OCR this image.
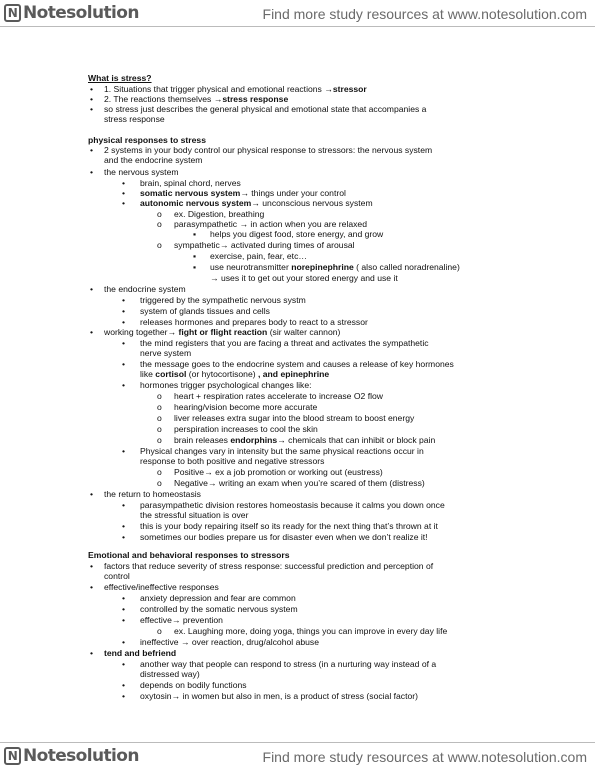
N Notesolution	Find more study resources at www.notesolution.com
What is stress?
• 1. Situations that trigger physical and emotional reactions →stressor
• 2. The reactions themselves →stress response
• so stress just describes the general physical and emotional state that accompanies a
stress response
physical responses to stress
• 2 systems in your body control our physical response to stressors: the nervous system
and the endocrine system
• the nervous system
• brain, spinal chord, nerves
• somatic nervous system→ things under your control
• autonomic nervous system→ unconscious nervous system
o ex. Digestion, breathing
o parasympathetic → in action when you are relaxed
▪ helps you digest food, store energy, and grow
o sympathetic→ activated during times of arousal
▪ exercise, pain, fear, etc…
▪ use neurotransmitter norepinephrine ( also called noradrenaline)
→ uses it to get out your stored energy and use it
• the endocrine system
• triggered by the sympathetic nervous systm
• system of glands tissues and cells
• releases hormones and prepares body to react to a stressor
• working together→ fight or flight reaction (sir walter cannon)
• the mind registers that you are facing a threat and activates the sympathetic
nerve system
• the message goes to the endocrine system and causes a release of key hormones
like cortisol (or hytocortisone) , and epinephrine
• hormones trigger psychological changes like:
o heart + respiration rates accelerate to increase O2 flow
o hearing/vision become more accurate
o liver releases extra sugar into the blood stream to boost energy
o perspiration increases to cool the skin
o brain releases endorphins→ chemicals that can inhibit or block pain
• Physical changes vary in intensity but the same physical reactions occur in
response to both positive and negative stressors
o Positive→ ex a job promotion or working out (eustress)
o Negative→ writing an exam when you’re scared of them (distress)
• the return to homeostasis
• parasympathetic division restores homeostasis because it calms you down once
the stressful situation is over
• this is your body repairing itself so its ready for the next thing that’s thrown at it
• sometimes our bodies prepare us for disaster even when we don’t realize it!
Emotional and behavioral responses to stressors
• factors that reduce severity of stress response: successful prediction and perception of
control
• effective/ineffective responses
• anxiety depression and fear are common
• controlled by the somatic nervous system
• effective→ prevention
o ex. Laughing more, doing yoga, things you can improve in every day life
• ineffective → over reaction, drug/alcohol abuse
• tend and befriend
• another way that people can respond to stress (in a nurturing way instead of a
distressed way)
• depends on bodily functions
• oxytosin→ in women but also in men, is a product of stress (social factor)
N Notesolution	Find more study resources at www.notesolution.com
